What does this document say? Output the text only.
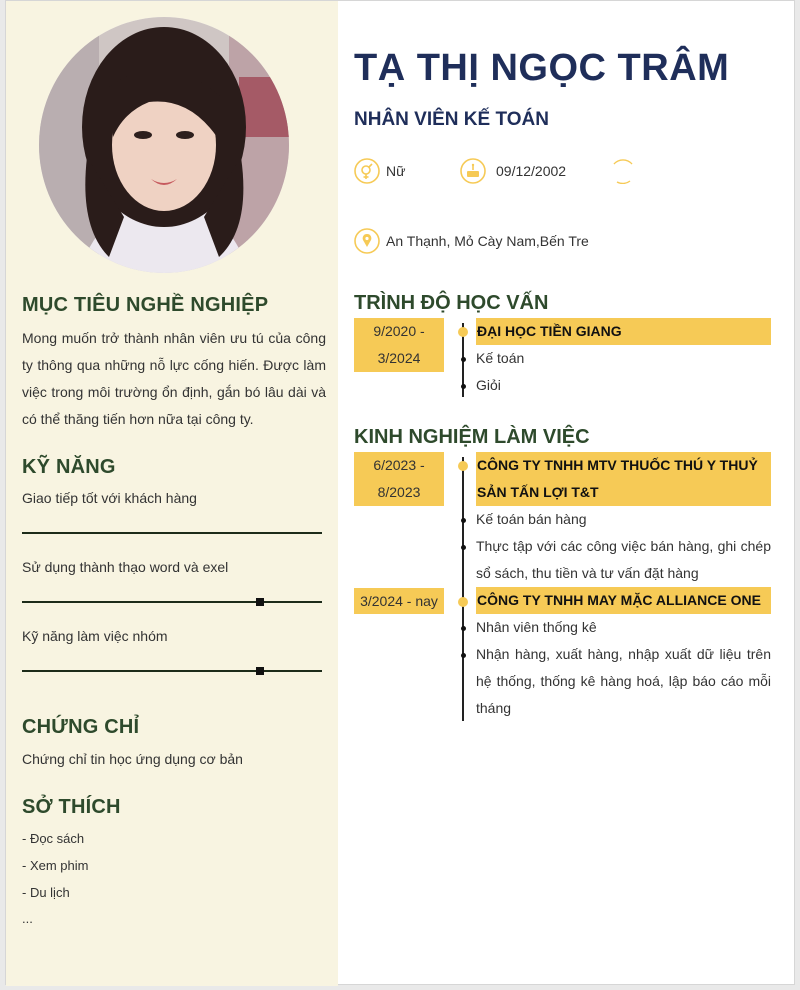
MỤC TIÊU NGHỀ NGHIỆP
Mong muốn trở thành nhân viên ưu tú của công ty thông qua những nỗ lực cống hiến. Được làm việc trong môi trường ổn định, gắn bó lâu dài và có thể thăng tiến hơn nữa tại công ty.
KỸ NĂNG
Giao tiếp tốt với khách hàng
Sử dụng thành thạo word và exel
Kỹ năng làm việc nhóm
CHỨNG CHỈ
Chứng chỉ tin học ứng dụng cơ bản
SỞ THÍCH
- Đọc sách
- Xem phim
- Du lịch
...
TẠ THỊ NGỌC TRÂM
NHÂN VIÊN KẾ TOÁN
Nữ	09/12/2002
An Thạnh, Mỏ Cày Nam,Bến Tre
TRÌNH ĐỘ HỌC VẤN
9/2020 -
3/2024
ĐẠI HỌC TIỀN GIANG
Kế toán
Giỏi
KINH NGHIỆM LÀM VIỆC
6/2023 -
8/2023
CÔNG TY TNHH MTV THUỐC THÚ Y THUỶ SẢN TẤN LỢI T&T
Kế toán bán hàng
Thực tập với các công việc bán hàng, ghi chép sổ sách, thu tiền và tư vấn đặt hàng
3/2024 - nay	CÔNG TY TNHH MAY MẶC ALLIANCE ONE
Nhân viên thống kê
Nhận hàng, xuất hàng, nhập xuất dữ liệu trên hệ thống, thống kê hàng hoá, lập báo cáo mỗi tháng
